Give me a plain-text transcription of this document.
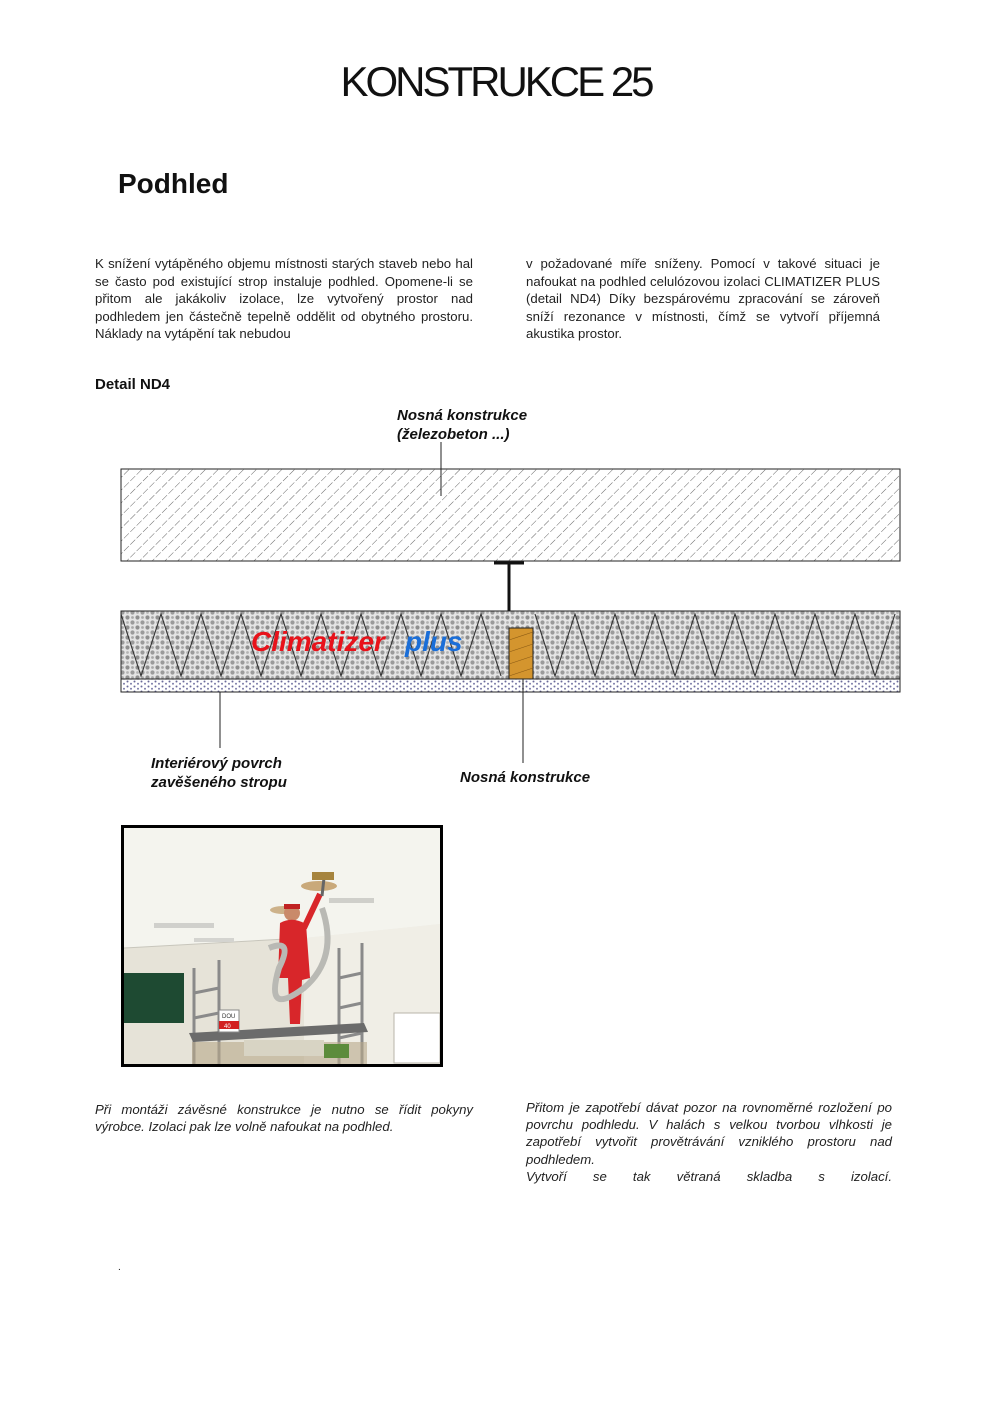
KONSTRUKCE 25
Podhled
K snížení vytápěného objemu místnosti starých staveb nebo hal se často pod existující strop instaluje podhled. Opomene-li se přitom ale jakákoliv izolace, lze vytvořený prostor nad podhledem jen částečně tepelně oddělit od obytného prostoru. Náklady na vytápění tak nebudou
v požadované míře sníženy. Pomocí v takové situaci je nafoukat na podhled celulózovou izolaci CLIMATIZER PLUS (detail ND4) Díky bezspárovému zpracování se zároveň sníží rezonance v místnosti, čímž se vytvoří příjemná akustika prostor.
Detail ND4
Climatizer plus
Nosná konstrukce
(železobeton ...)
Interiérový povrch
zavěšeného stropu	Nosná konstrukce
DOU
40
Při montáži závěsné konstrukce je nutno se řídit pokyny výrobce. Izolaci pak lze volně nafoukat na podhled.
Přitom je zapotřebí dávat pozor na rovnoměrné rozložení po povrchu podhledu. V halách s velkou tvorbou vlhkosti je zapotřebí vytvořit provětrávání vzniklého prostoru nad podhledem.
Vytvoří se tak větraná skladba s izolací.
.
